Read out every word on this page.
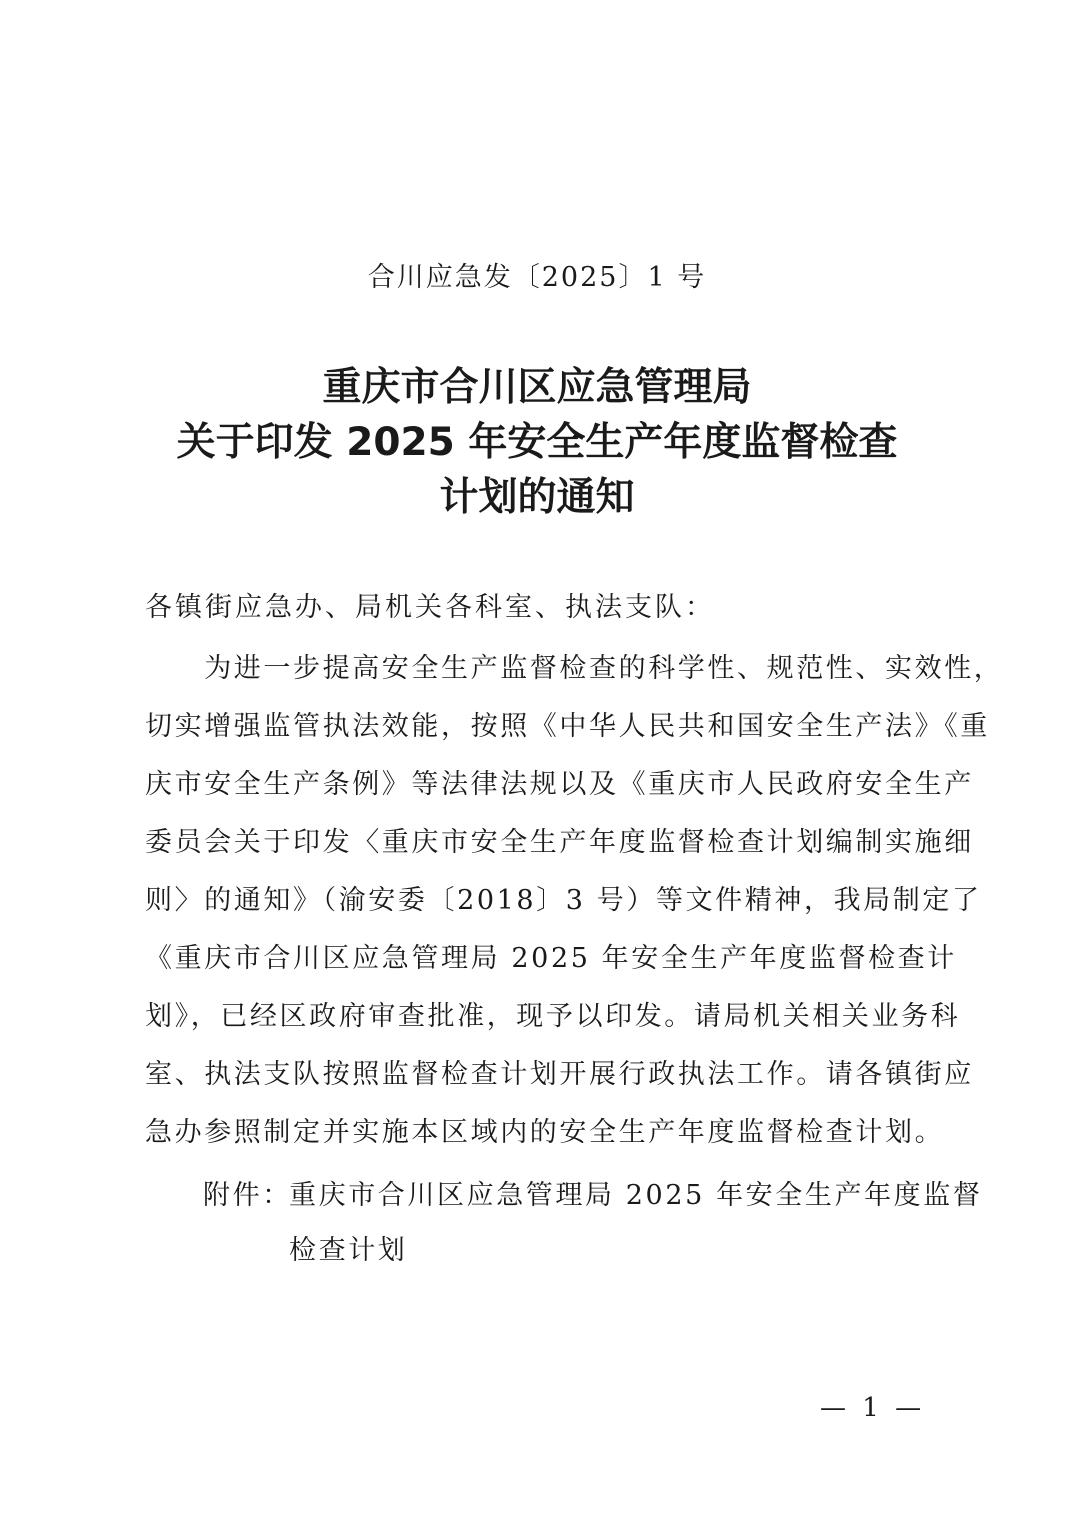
合川应急发〔2025〕1 号
重庆市合川区应急管理局
关于印发 2025 年安全生产年度监督检查
计划的通知
各镇街应急办、局机关各科室、执法支队：
　　为进一步提高安全生产监督检查的科学性、规范性、实效性，
切实增强监管执法效能，按照《中华人民共和国安全生产法》《重
庆市安全生产条例》等法律法规以及《重庆市人民政府安全生产
委员会关于印发〈重庆市安全生产年度监督检查计划编制实施细
则〉的通知》（渝安委〔2018〕3 号）等文件精神，我局制定了
《重庆市合川区应急管理局 2025 年安全生产年度监督检查计
划》，已经区政府审查批准，现予以印发。请局机关相关业务科
室、执法支队按照监督检查计划开展行政执法工作。请各镇街应
急办参照制定并实施本区域内的安全生产年度监督检查计划。
附件：
重庆市合川区应急管理局 2025 年安全生产年度监督
检查计划
— 1 —
